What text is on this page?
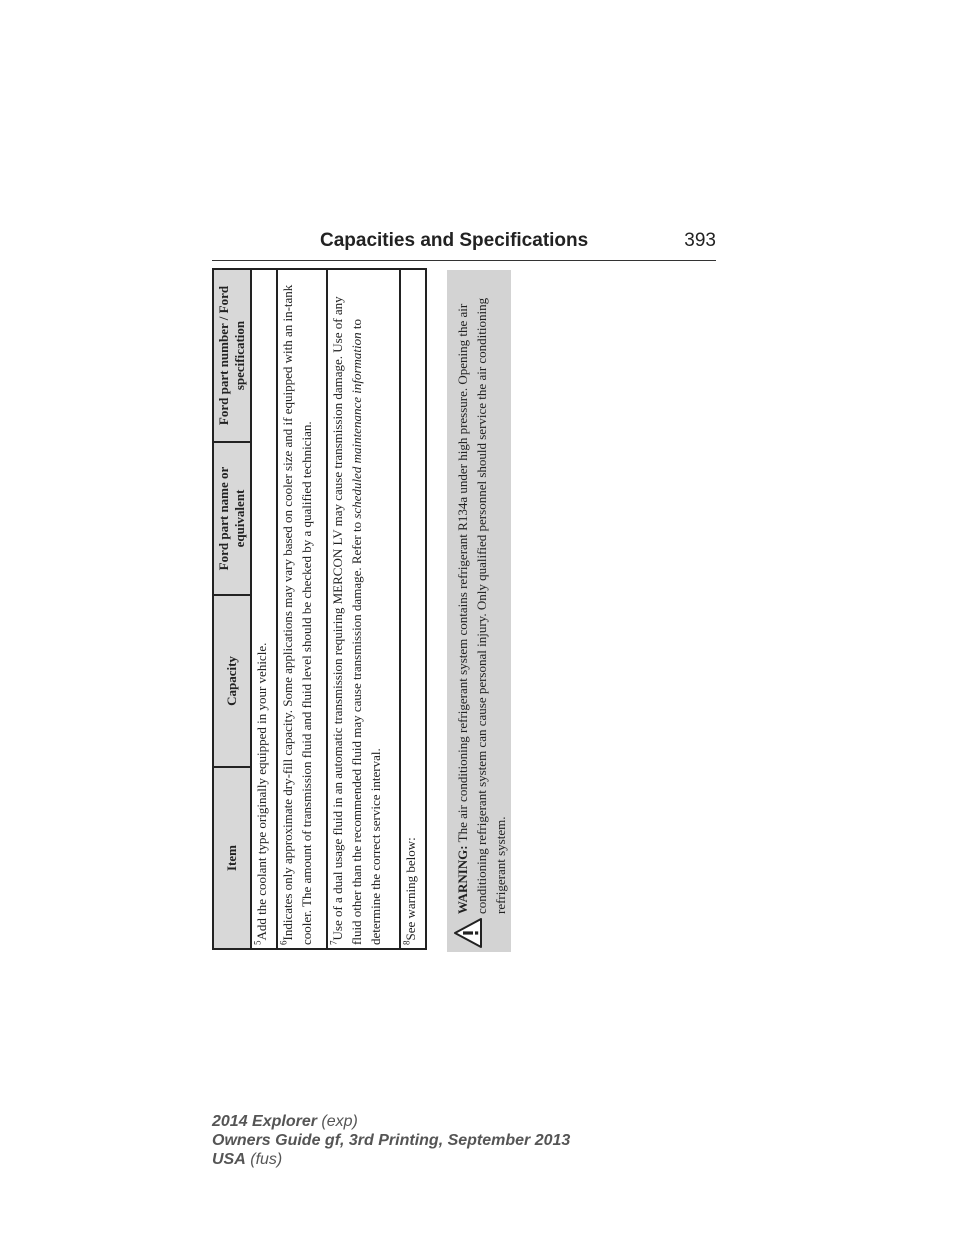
Capacities and Specifications	393
Item	Capacity	Ford part name or equivalent	Ford part number / Ford specification
$^5$Add the coolant type originally equipped in your vehicle.
$^6$Indicates only approximate dry-fill capacity. Some applications may vary based on cooler size and if equipped with an in-tank cooler. The amount of transmission fluid and fluid level should be checked by a qualified technician.
$^7$Use of a dual usage fluid in an automatic transmission requiring MERCON LV may cause transmission damage. Use of any fluid other than the recommended fluid may cause transmission damage. Refer to scheduled maintenance information to determine the correct service interval.
$^8$See warning below:	WARNING: The air conditioning refrigerant system contains refrigerant R134a under high pressure. Opening the air conditioning refrigerant system can cause personal injury. Only qualified personnel should service the air conditioning refrigerant system.
2014 Explorer (exp)
Owners Guide gf, 3rd Printing, September 2013
USA (fus)
